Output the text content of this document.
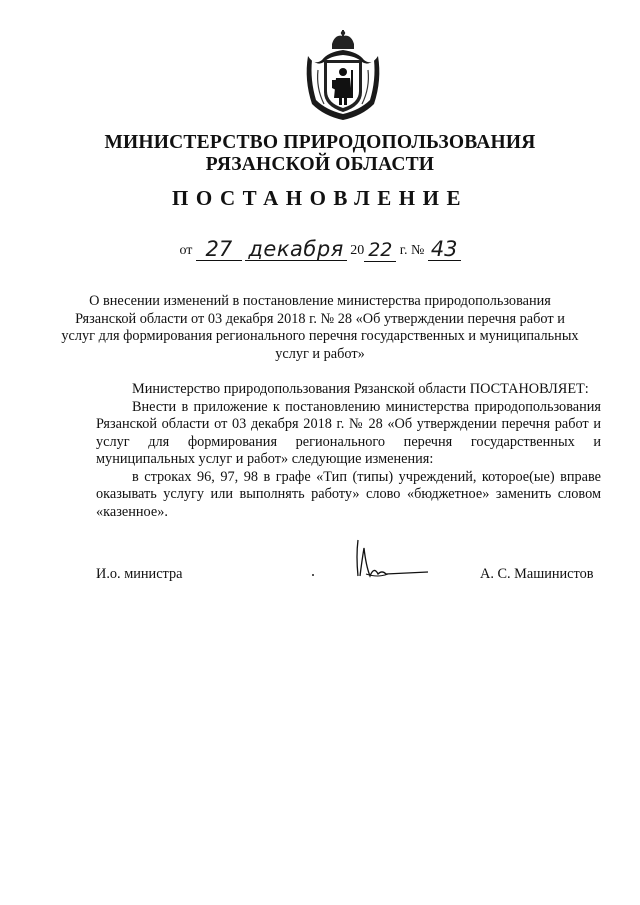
МИНИСТЕРСТВО ПРИРОДОПОЛЬЗОВАНИЯ
РЯЗАНСКОЙ ОБЛАСТИ
ПОСТАНОВЛЕНИЕ
от 27 декабря 20 22 г. № 43
О внесении изменений в постановление министерства природопользования Рязанской области от 03 декабря 2018 г. № 28 «Об утверждении перечня работ и услуг для формирования регионального перечня государственных и муниципальных услуг и работ»

Министерство природопользования Рязанской области ПОСТАНОВЛЯЕТ:

Внести в приложение к постановлению министерства природопользования Рязанской области от 03 декабря 2018 г. № 28 «Об утверждении перечня работ и услуг для формирования регионального перечня государственных и муниципальных услуг и работ» следующие изменения:

в строках 96, 97, 98 в графе «Тип (типы) учреждений, которое(ые) вправе оказывать услугу или выполнять работу» слово «бюджетное» заменить словом «казенное».

И.о. министра	А. С. Машинистов
